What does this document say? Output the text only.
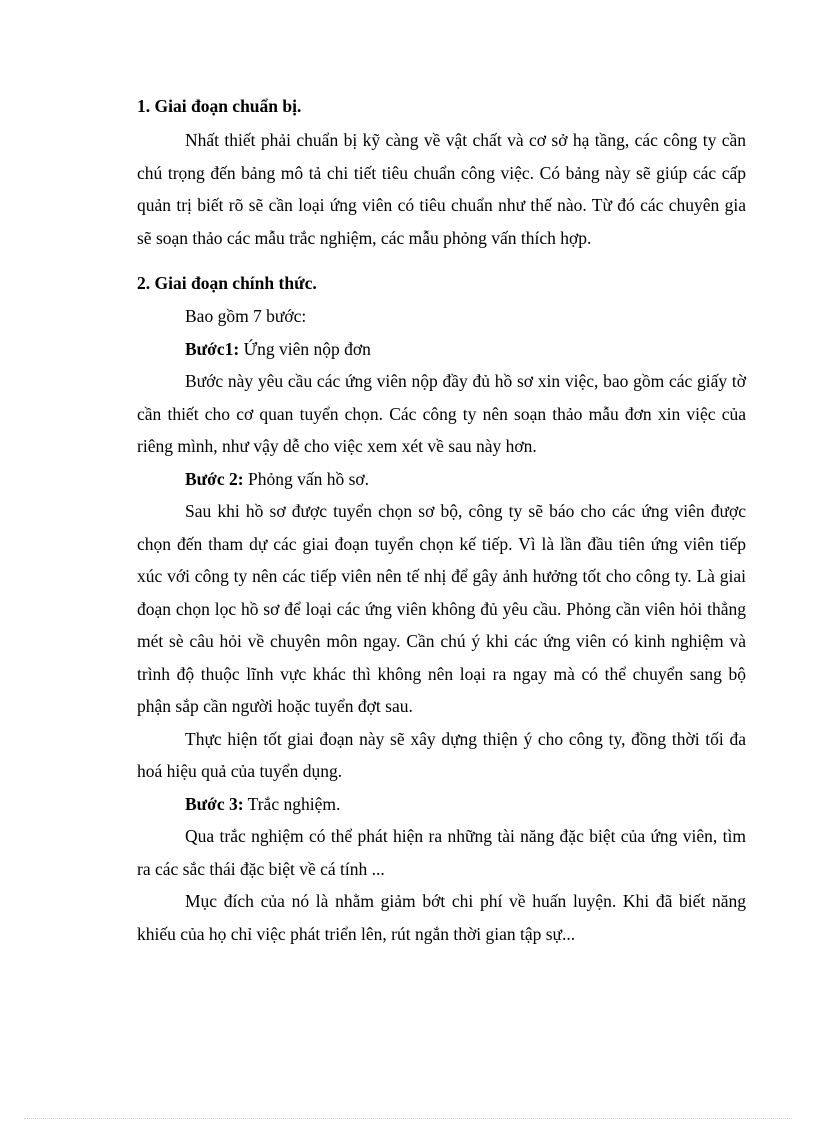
1. Giai đoạn chuẩn bị.

Nhất thiết phải chuẩn bị kỹ càng về vật chất và cơ sở hạ tầng, các công ty cần chú trọng đến bảng mô tả chi tiết tiêu chuẩn công việc. Có bảng này sẽ giúp các cấp quản trị biết rõ sẽ cần loại ứng viên có tiêu chuẩn như thế nào. Từ đó các chuyên gia sẽ soạn thảo các mẫu trắc nghiệm, các mẫu phỏng vấn thích hợp.

2. Giai đoạn chính thức.

Bao gồm 7 bước:

Bước1: Ứng viên nộp đơn

Bước này yêu cầu các ứng viên nộp đầy đủ hồ sơ xin việc, bao gồm các giấy tờ cần thiết cho cơ quan tuyển chọn. Các công ty nên soạn thảo mẫu đơn xin việc của riêng mình, như vậy dễ cho việc xem xét về sau này hơn.

Bước 2: Phỏng vấn hồ sơ.

Sau khi hồ sơ được tuyển chọn sơ bộ, công ty sẽ báo cho các ứng viên được chọn đến tham dự các giai đoạn tuyển chọn kế tiếp. Vì là lần đầu tiên ứng viên tiếp xúc với công ty nên các tiếp viên nên tế nhị để gây ảnh hưởng tốt cho công ty. Là giai đoạn chọn lọc hồ sơ để loại các ứng viên không đủ yêu cầu. Phỏng cần viên hỏi thẳng mét sè câu hỏi về chuyên môn ngay. Cần chú ý khi các ứng viên có kinh nghiệm và trình độ thuộc lĩnh vực khác thì không nên loại ra ngay mà có thể chuyển sang bộ phận sắp cần người hoặc tuyển đợt sau.

Thực hiện tốt giai đoạn này sẽ xây dựng thiện ý cho công ty, đồng thời tối đa hoá hiệu quả của tuyển dụng.

Bước 3: Trắc nghiệm.

Qua trắc nghiệm có thể phát hiện ra những tài năng đặc biệt của ứng viên, tìm ra các sắc thái đặc biệt về cá tính ...

Mục đích của nó là nhằm giảm bớt chi phí về huấn luyện. Khi đã biết năng khiếu của họ chỉ việc phát triển lên, rút ngắn thời gian tập sự...
